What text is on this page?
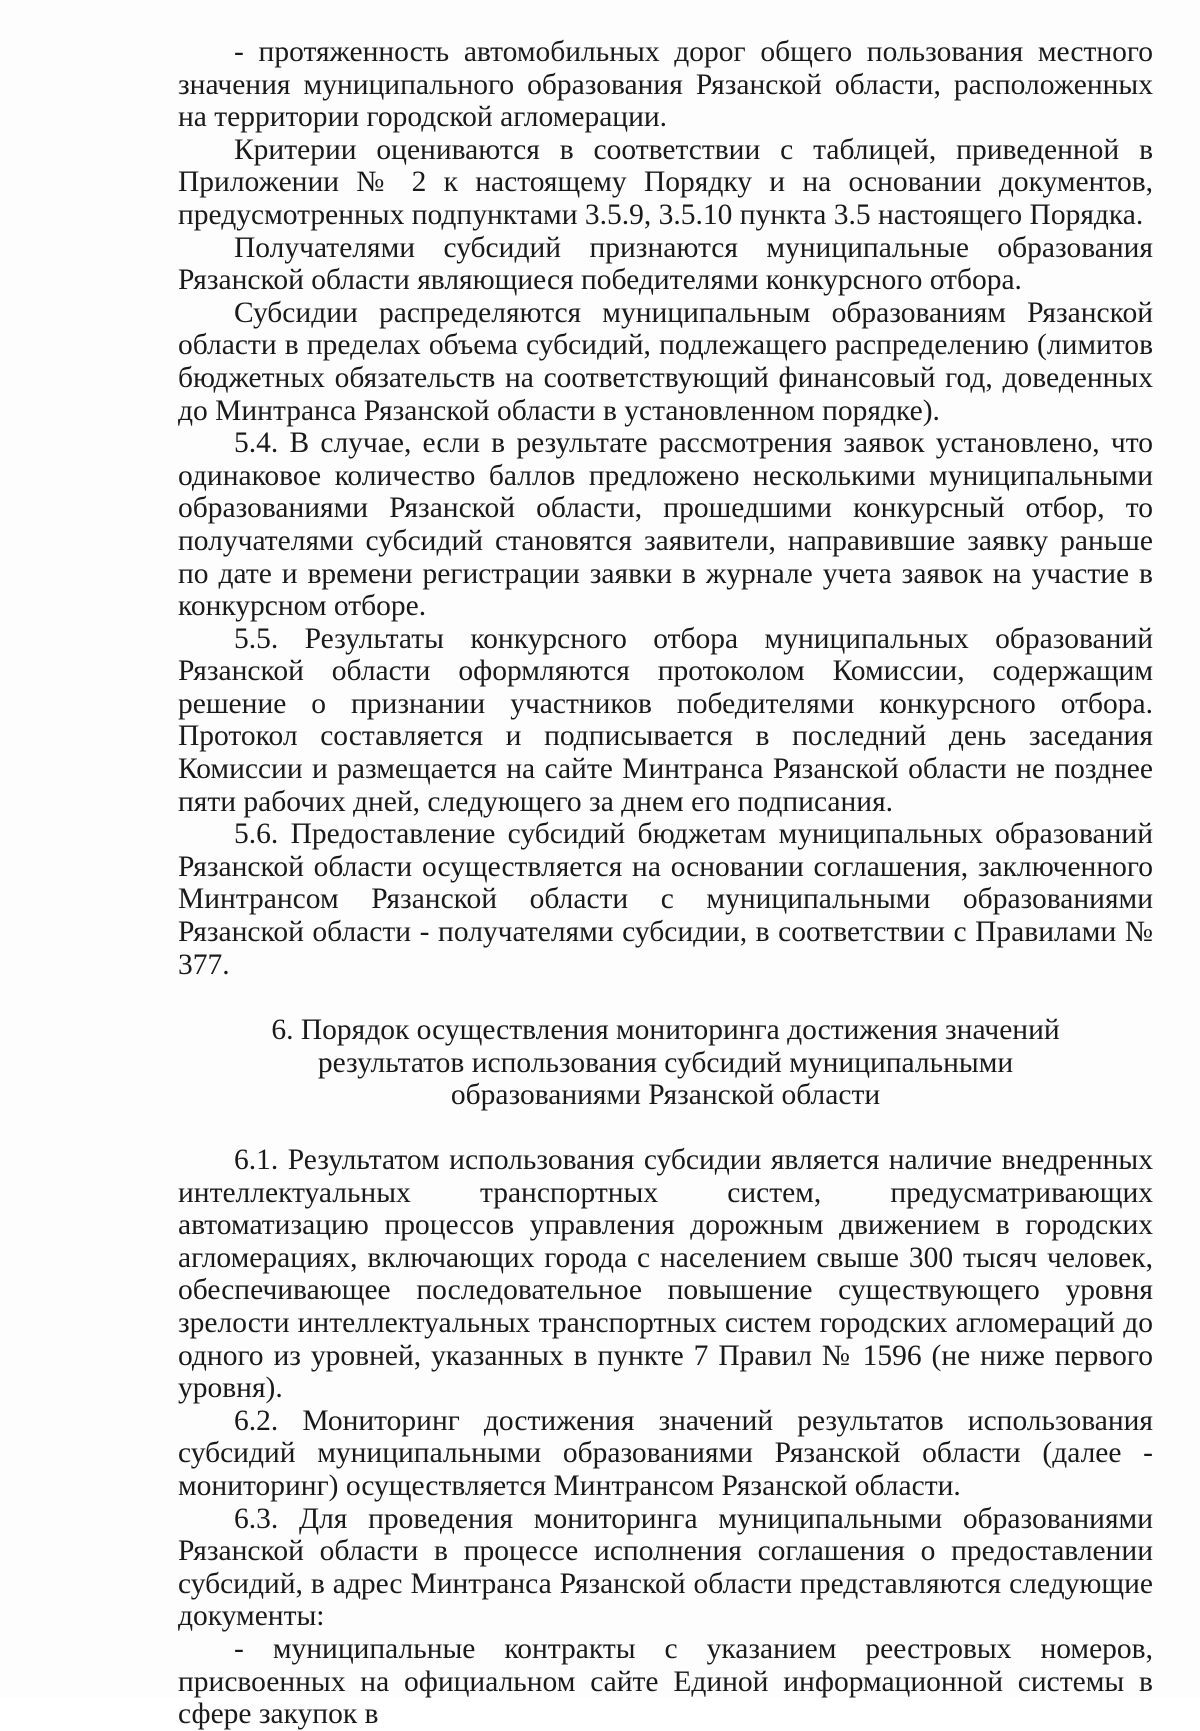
- протяженность автомобильных дорог общего пользования местного значения муниципального образования Рязанской области, расположенных на территории городской агломерации.

Критерии оцениваются в соответствии с таблицей, приведенной в Приложении № 2 к настоящему Порядку и на основании документов, предусмотренных подпунктами 3.5.9, 3.5.10 пункта 3.5 настоящего Порядка.

Получателями субсидий признаются муниципальные образования Рязанской области являющиеся победителями конкурсного отбора.

Субсидии распределяются муниципальным образованиям Рязанской области в пределах объема субсидий, подлежащего распределению (лимитов бюджетных обязательств на соответствующий финансовый год, доведенных до Минтранса Рязанской области в установленном порядке).

5.4. В случае, если в результате рассмотрения заявок установлено, что одинаковое количество баллов предложено несколькими муниципальными образованиями Рязанской области, прошедшими конкурсный отбор, то получателями субсидий становятся заявители, направившие заявку раньше по дате и времени регистрации заявки в журнале учета заявок на участие в конкурсном отборе.

5.5. Результаты конкурсного отбора муниципальных образований Рязанской области оформляются протоколом Комиссии, содержащим решение о признании участников победителями конкурсного отбора. Протокол составляется и подписывается в последний день заседания Комиссии и размещается на сайте Минтранса Рязанской области не позднее пяти рабочих дней, следующего за днем его подписания.

5.6. Предоставление субсидий бюджетам муниципальных образований Рязанской области осуществляется на основании соглашения, заключенного Минтрансом Рязанской области с муниципальными образованиями Рязанской области - получателями субсидии, в соответствии с Правилами № 377.

6. Порядок осуществления мониторинга достижения значений
результатов использования субсидий муниципальными
образованиями Рязанской области

6.1. Результатом использования субсидии является наличие внедренных интеллектуальных транспортных систем, предусматривающих автоматизацию процессов управления дорожным движением в городских агломерациях, включающих города с населением свыше 300 тысяч человек, обеспечивающее последовательное повышение существующего уровня зрелости интеллектуальных транспортных систем городских агломераций до одного из уровней, указанных в пункте 7 Правил № 1596 (не ниже первого уровня).

6.2. Мониторинг достижения значений результатов использования субсидий муниципальными образованиями Рязанской области (далее - мониторинг) осуществляется Минтрансом Рязанской области.

6.3. Для проведения мониторинга муниципальными образованиями Рязанской области в процессе исполнения соглашения о предоставлении субсидий, в адрес Минтранса Рязанской области представляются следующие документы:

- муниципальные контракты с указанием реестровых номеров, присвоенных на официальном сайте Единой информационной системы в сфере закупок в
